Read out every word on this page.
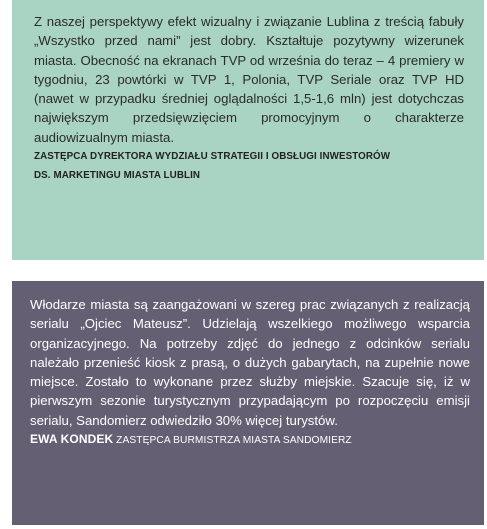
Z naszej perspektywy efekt wizualny i związanie Lublina z treścią fabuły „Wszystko przed nami” jest dobry. Kształtuje pozytywny wizerunek miasta. Obecność na ekranach TVP od września do teraz – 4 premiery w tygodniu, 23 powtórki w TVP 1, Polonia, TVP Seriale oraz TVP HD (nawet w przypadku średniej oglądalności 1,5-1,6 mln) jest dotychczas największym przedsięwzięciem promocyjnym o charakterze audiowizualnym miasta.

ZASTĘPCA DYREKTORA WYDZIAŁU STRATEGII I OBSŁUGI INWESTORÓW

DS. MARKETINGU MIASTA LUBLIN

Włodarze miasta są zaangażowani w szereg prac związanych z realizacją serialu „Ojciec Mateusz”. Udzielają wszelkiego możliwego wsparcia organizacyjnego. Na potrzeby zdjęć do jednego z odcinków serialu należało przenieść kiosk z prasą, o dużych gabarytach, na zupełnie nowe miejsce. Zostało to wykonane przez służby miejskie. Szacuje się, iż w pierwszym sezonie turystycznym przypadającym po rozpoczęciu emisji serialu, Sandomierz odwiedziło 30% więcej turystów.

EWA KONDEK ZASTĘPCA BURMISTRZA MIASTA SANDOMIERZ
